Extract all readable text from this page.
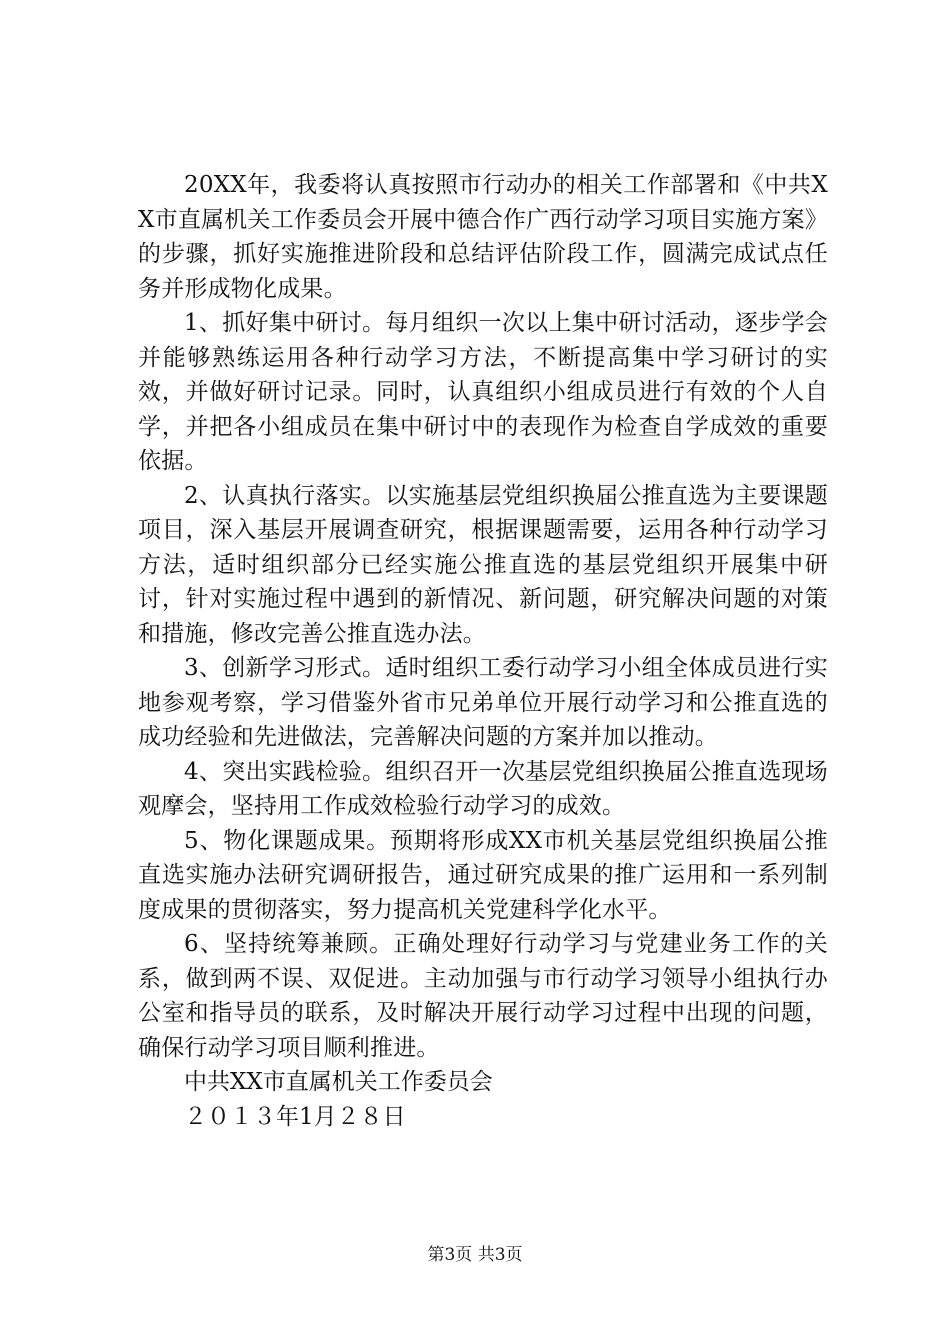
20XX年，我委将认真按照市行动办的相关工作部署和《中共XX市直属机关工作委员会开展中德合作广西行动学习项目实施方案》的步骤，抓好实施推进阶段和总结评估阶段工作，圆满完成试点任务并形成物化成果。

1、抓好集中研讨。每月组织一次以上集中研讨活动，逐步学会并能够熟练运用各种行动学习方法，不断提高集中学习研讨的实效，并做好研讨记录。同时，认真组织小组成员进行有效的个人自学，并把各小组成员在集中研讨中的表现作为检查自学成效的重要依据。

2、认真执行落实。以实施基层党组织换届公推直选为主要课题项目，深入基层开展调查研究，根据课题需要，运用各种行动学习方法，适时组织部分已经实施公推直选的基层党组织开展集中研讨，针对实施过程中遇到的新情况、新问题，研究解决问题的对策和措施，修改完善公推直选办法。

3、创新学习形式。适时组织工委行动学习小组全体成员进行实地参观考察，学习借鉴外省市兄弟单位开展行动学习和公推直选的成功经验和先进做法，完善解决问题的方案并加以推动。

4、突出实践检验。组织召开一次基层党组织换届公推直选现场观摩会，坚持用工作成效检验行动学习的成效。

5、物化课题成果。预期将形成XX市机关基层党组织换届公推直选实施办法研究调研报告，通过研究成果的推广运用和一系列制度成果的贯彻落实，努力提高机关党建科学化水平。

6、坚持统筹兼顾。正确处理好行动学习与党建业务工作的关系，做到两不误、双促进。主动加强与市行动学习领导小组执行办公室和指导员的联系，及时解决开展行动学习过程中出现的问题，确保行动学习项目顺利推进。

中共XX市直属机关工作委员会

２０１３年1月２８日

第3页 共3页
